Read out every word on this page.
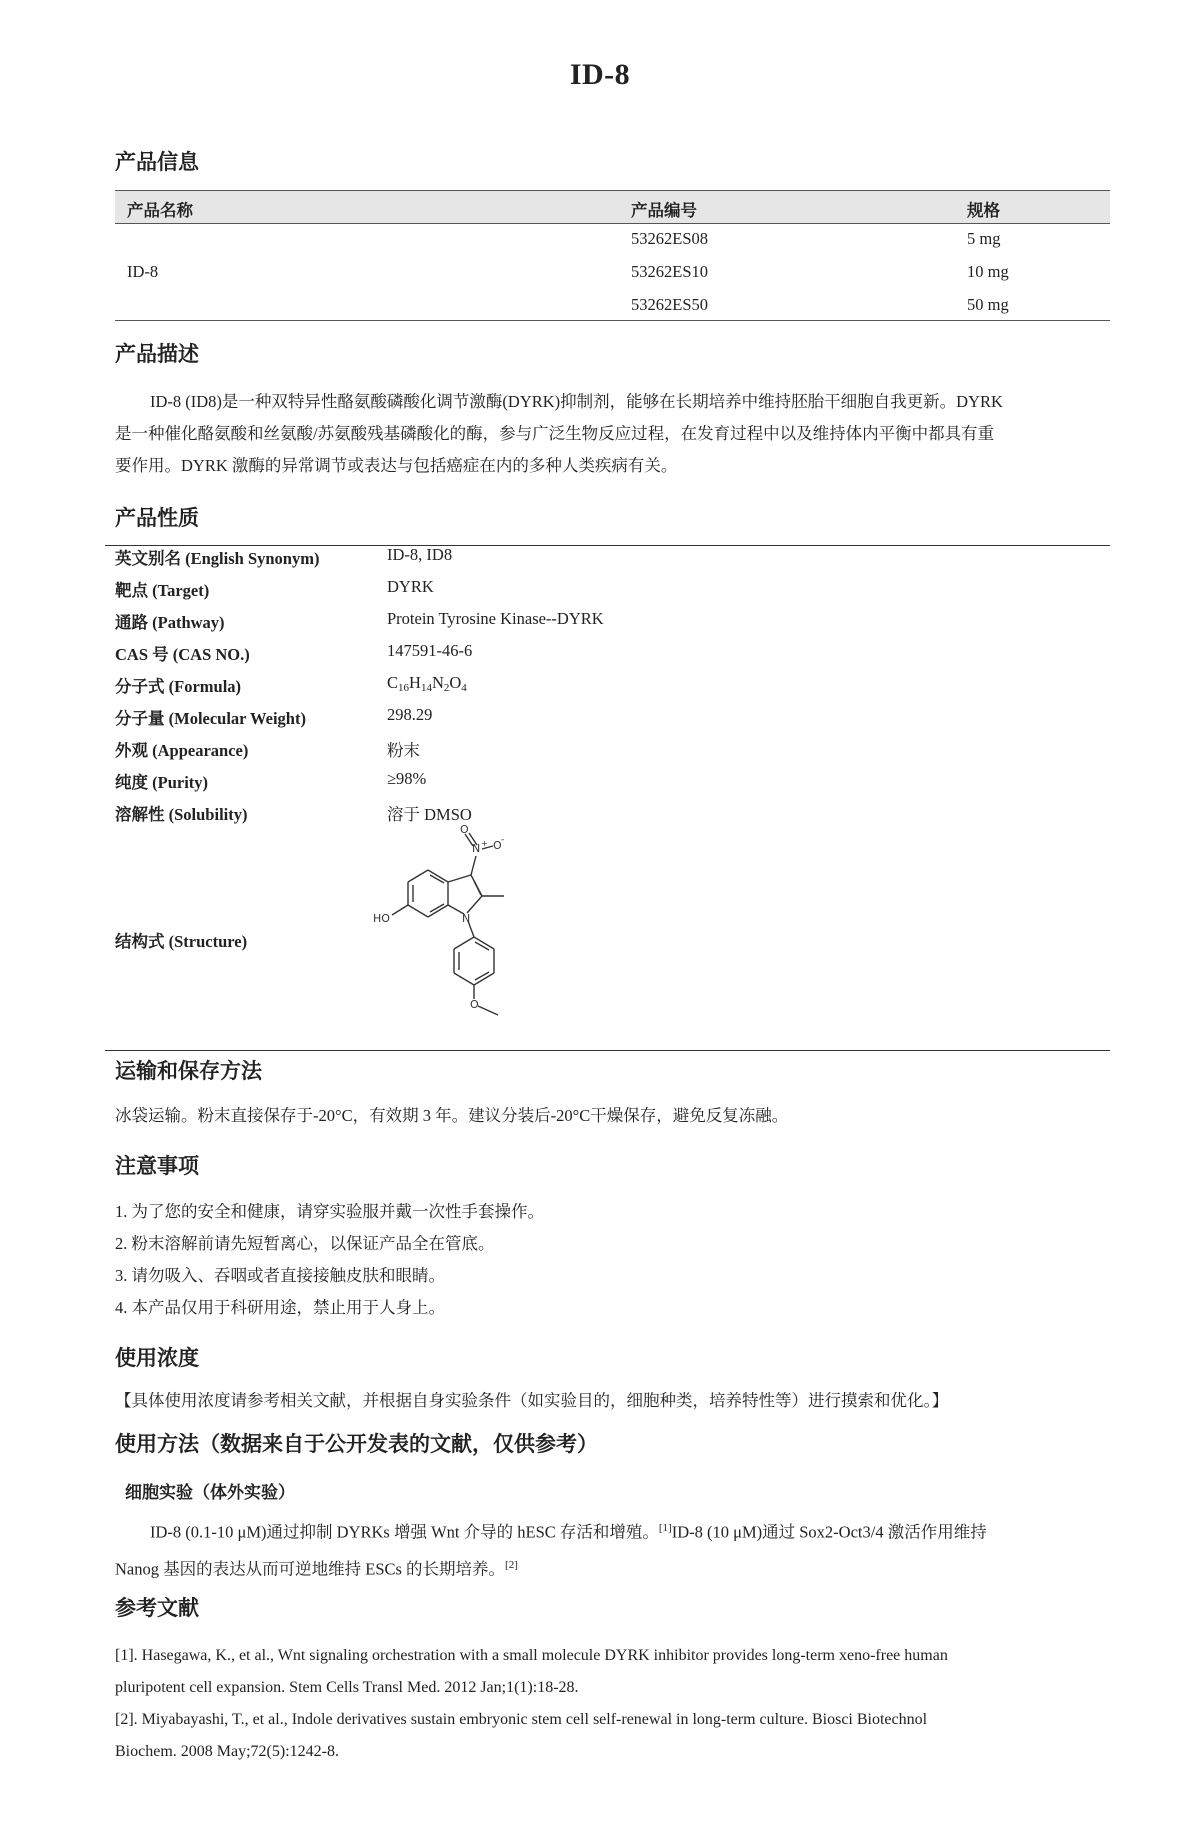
ID-8
产品信息
产品名称	产品编号	规格
ID-8
53262ES08	5 mg
53262ES10	10 mg
53262ES50	50 mg
产品描述
ID-8 (ID8)是一种双特异性酪氨酸磷酸化调节激酶(DYRK)抑制剂，能够在长期培养中维持胚胎干细胞自我更新。DYRK
是一种催化酪氨酸和丝氨酸/苏氨酸残基磷酸化的酶，参与广泛生物反应过程，在发育过程中以及维持体内平衡中都具有重
要作用。DYRK 激酶的异常调节或表达与包括癌症在内的多种人类疾病有关。
产品性质
英文别名 (English Synonym)	ID-8, ID8
靶点 (Target)	DYRK
通路 (Pathway)	Protein Tyrosine Kinase--DYRK
CAS 号 (CAS NO.)	147591-46-6
分子式 (Formula)	$C_{16}H_{14}N_2O_4$
分子量 (Molecular Weight)	298.29
外观 (Appearance)	粉末
纯度 (Purity)	≥98%
溶解性 (Solubility)	溶于 DMSO
结构式 (Structure)
O
N + O -
HO	N
O
运输和保存方法
冰袋运输。粉末直接保存于-20°C，有效期 3 年。建议分装后-20°C干燥保存，避免反复冻融。
注意事项
1. 为了您的安全和健康，请穿实验服并戴一次性手套操作。
2. 粉末溶解前请先短暂离心，以保证产品全在管底。
3. 请勿吸入、吞咽或者直接接触皮肤和眼睛。
4. 本产品仅用于科研用途，禁止用于人身上。
使用浓度
【具体使用浓度请参考相关文献，并根据自身实验条件（如实验目的，细胞种类，培养特性等）进行摸索和优化。】
使用方法（数据来自于公开发表的文献，仅供参考）
细胞实验（体外实验）
ID-8 (0.1-10 μM)通过抑制 DYRKs 增强 Wnt 介导的 hESC 存活和增殖。[1]ID-8 (10 μM)通过 Sox2-Oct3/4 激活作用维持
Nanog 基因的表达从而可逆地维持 ESCs 的长期培养。[2]
参考文献
[1]. Hasegawa, K., et al., Wnt signaling orchestration with a small molecule DYRK inhibitor provides long-term xeno-free human
pluripotent cell expansion. Stem Cells Transl Med. 2012 Jan;1(1):18-28.
[2]. Miyabayashi, T., et al., Indole derivatives sustain embryonic stem cell self-renewal in long-term culture. Biosci Biotechnol
Biochem. 2008 May;72(5):1242-8.
